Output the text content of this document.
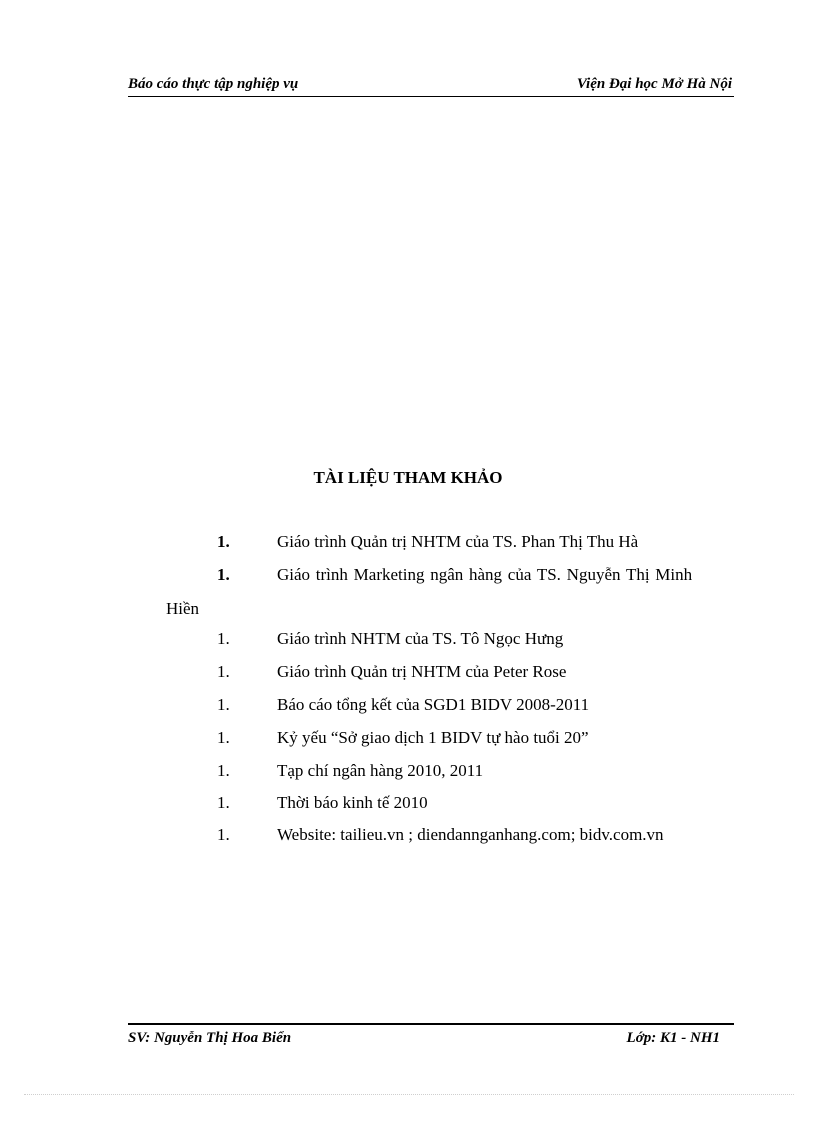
Báo cáo thực tập nghiệp vụ	Viện Đại học Mở Hà Nội
TÀI LIỆU THAM KHẢO
1.	Giáo trình Quản trị NHTM của TS. Phan Thị Thu Hà
1.	Giáo trình Marketing ngân hàng của TS. Nguyễn Thị Minh
Hiền
1.	Giáo trình NHTM của TS. Tô Ngọc Hưng
1.	Giáo trình Quản trị NHTM của Peter Rose
1.	Báo cáo tổng kết của SGD1 BIDV 2008-2011
1.	Kỷ yếu “Sở giao dịch 1 BIDV tự hào tuổi 20”
1.	Tạp chí ngân hàng 2010, 2011
1.	Thời báo kinh tế 2010
1.	Website: tailieu.vn ; diendannganhang.com; bidv.com.vn
SV: Nguyễn Thị Hoa Biển	Lớp: K1 - NH1
